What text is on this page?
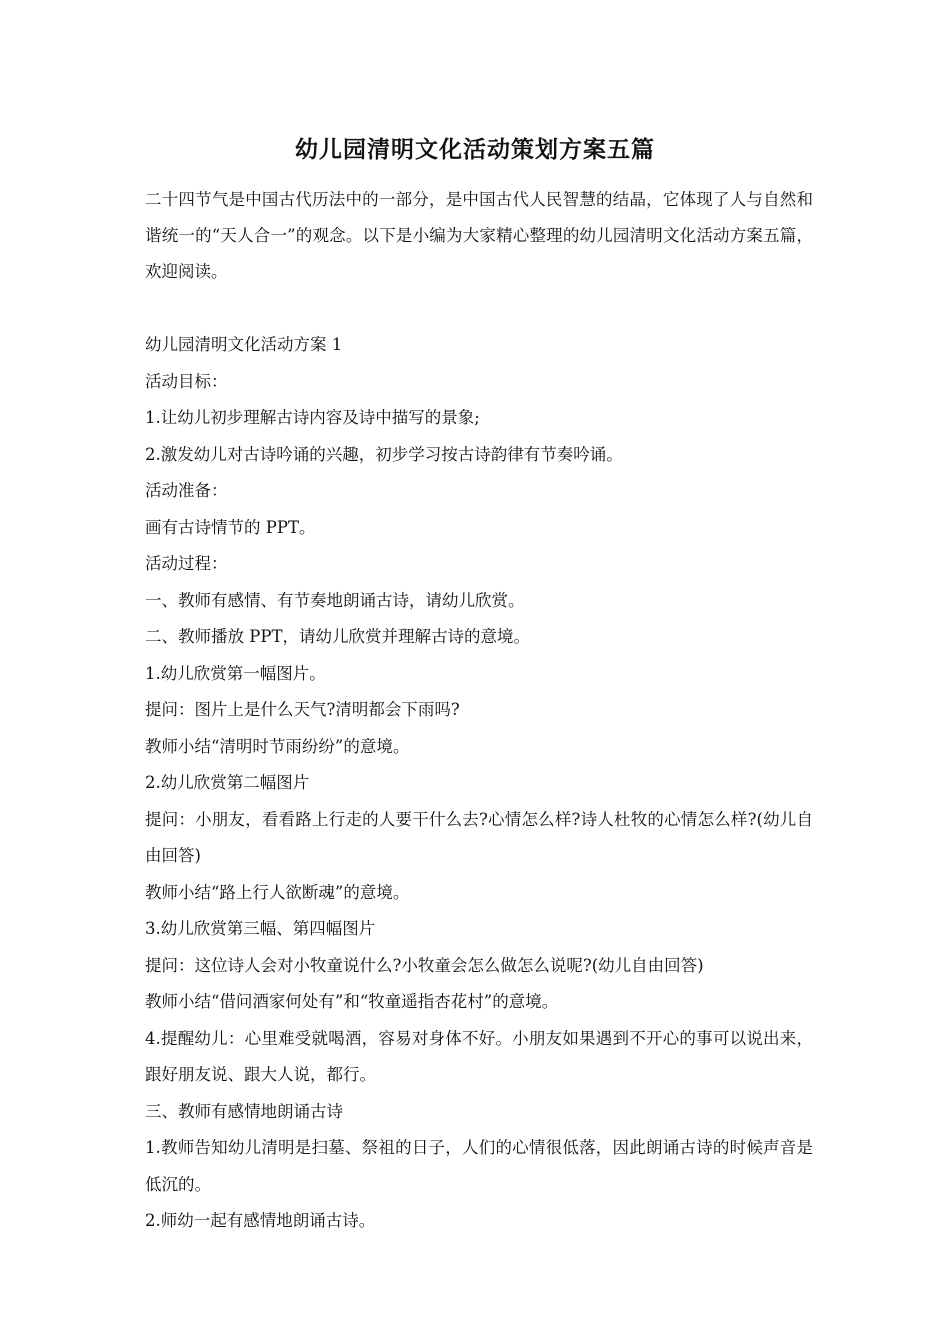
幼儿园清明文化活动策划方案五篇

二十四节气是中国古代历法中的一部分，是中国古代人民智慧的结晶，它体现了人与自然和谐统一的“天人合一”的观念。以下是小编为大家精心整理的幼儿园清明文化活动方案五篇，欢迎阅读。

幼儿园清明文化活动方案 1

活动目标：

1.让幼儿初步理解古诗内容及诗中描写的景象;

2.激发幼儿对古诗吟诵的兴趣，初步学习按古诗韵律有节奏吟诵。

活动准备：

画有古诗情节的 PPT。

活动过程：

一、教师有感情、有节奏地朗诵古诗，请幼儿欣赏。

二、教师播放 PPT，请幼儿欣赏并理解古诗的意境。

1.幼儿欣赏第一幅图片。

提问：图片上是什么天气?清明都会下雨吗?

教师小结“清明时节雨纷纷”的意境。

2.幼儿欣赏第二幅图片

提问：小朋友，看看路上行走的人要干什么去?心情怎么样?诗人杜牧的心情怎么样?(幼儿自由回答)

教师小结“路上行人欲断魂”的意境。

3.幼儿欣赏第三幅、第四幅图片

提问：这位诗人会对小牧童说什么?小牧童会怎么做怎么说呢?(幼儿自由回答)

教师小结“借问酒家何处有”和“牧童遥指杏花村”的意境。

4.提醒幼儿：心里难受就喝酒，容易对身体不好。小朋友如果遇到不开心的事可以说出来，跟好朋友说、跟大人说，都行。

三、教师有感情地朗诵古诗

1.教师告知幼儿清明是扫墓、祭祖的日子，人们的心情很低落，因此朗诵古诗的时候声音是低沉的。

2.师幼一起有感情地朗诵古诗。
